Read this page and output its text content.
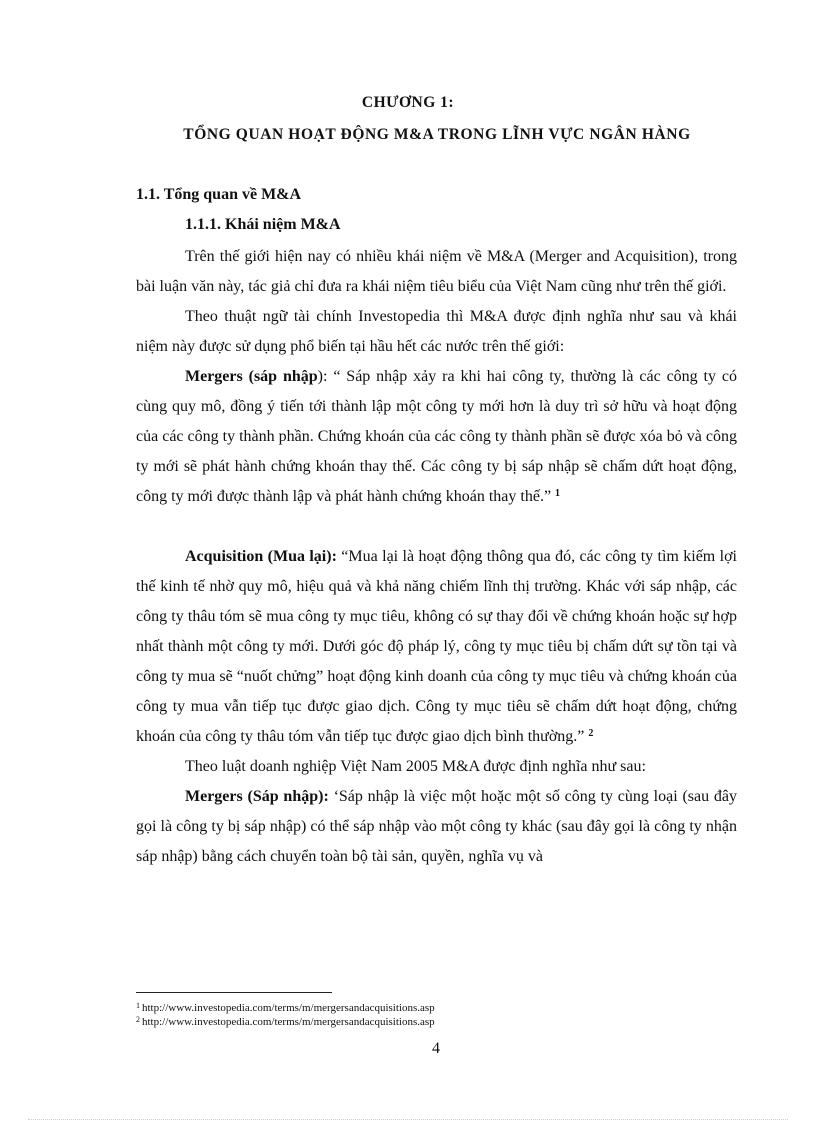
CHƯƠNG 1:
TỔNG QUAN HOẠT ĐỘNG M&A TRONG LĨNH VỰC NGÂN HÀNG
1.1. Tổng quan về M&A
1.1.1. Khái niệm M&A

Trên thế giới hiện nay có nhiều khái niệm về M&A (Merger and Acquisition), trong bài luận văn này, tác giả chỉ đưa ra khái niệm tiêu biểu của Việt Nam cũng như trên thế giới.

Theo thuật ngữ tài chính Investopedia thì M&A được định nghĩa như sau và khái niệm này được sử dụng phổ biến tại hầu hết các nước trên thế giới:

Mergers (sáp nhập): “ Sáp nhập xảy ra khi hai công ty, thường là các công ty có cùng quy mô, đồng ý tiến tới thành lập một công ty mới hơn là duy trì sở hữu và hoạt động của các công ty thành phần. Chứng khoán của các công ty thành phần sẽ được xóa bỏ và công ty mới sẽ phát hành chứng khoán thay thế. Các công ty bị sáp nhập sẽ chấm dứt hoạt động, công ty mới được thành lập và phát hành chứng khoán thay thế.” $^1$

Acquisition (Mua lại): “Mua lại là hoạt động thông qua đó, các công ty tìm kiếm lợi thế kinh tế nhờ quy mô, hiệu quả và khả năng chiếm lĩnh thị trường. Khác với sáp nhập, các công ty thâu tóm sẽ mua công ty mục tiêu, không có sự thay đổi về chứng khoán hoặc sự hợp nhất thành một công ty mới. Dưới góc độ pháp lý, công ty mục tiêu bị chấm dứt sự tồn tại và công ty mua sẽ “nuốt chửng” hoạt động kinh doanh của công ty mục tiêu và chứng khoán của công ty mua vẫn tiếp tục được giao dịch. Công ty mục tiêu sẽ chấm dứt hoạt động, chứng khoán của công ty thâu tóm vẫn tiếp tục được giao dịch bình thường.” $^2$

Theo luật doanh nghiệp Việt Nam 2005 M&A được định nghĩa như sau:

Mergers (Sáp nhập): ‘Sáp nhập là việc một hoặc một số công ty cùng loại (sau đây gọi là công ty bị sáp nhập) có thể sáp nhập vào một công ty khác (sau đây gọi là công ty nhận sáp nhập) bằng cách chuyển toàn bộ tài sản, quyền, nghĩa vụ và

$^1$ http://www.investopedia.com/terms/m/mergersandacquisitions.asp
$^2$ http://www.investopedia.com/terms/m/mergersandacquisitions.asp
4
